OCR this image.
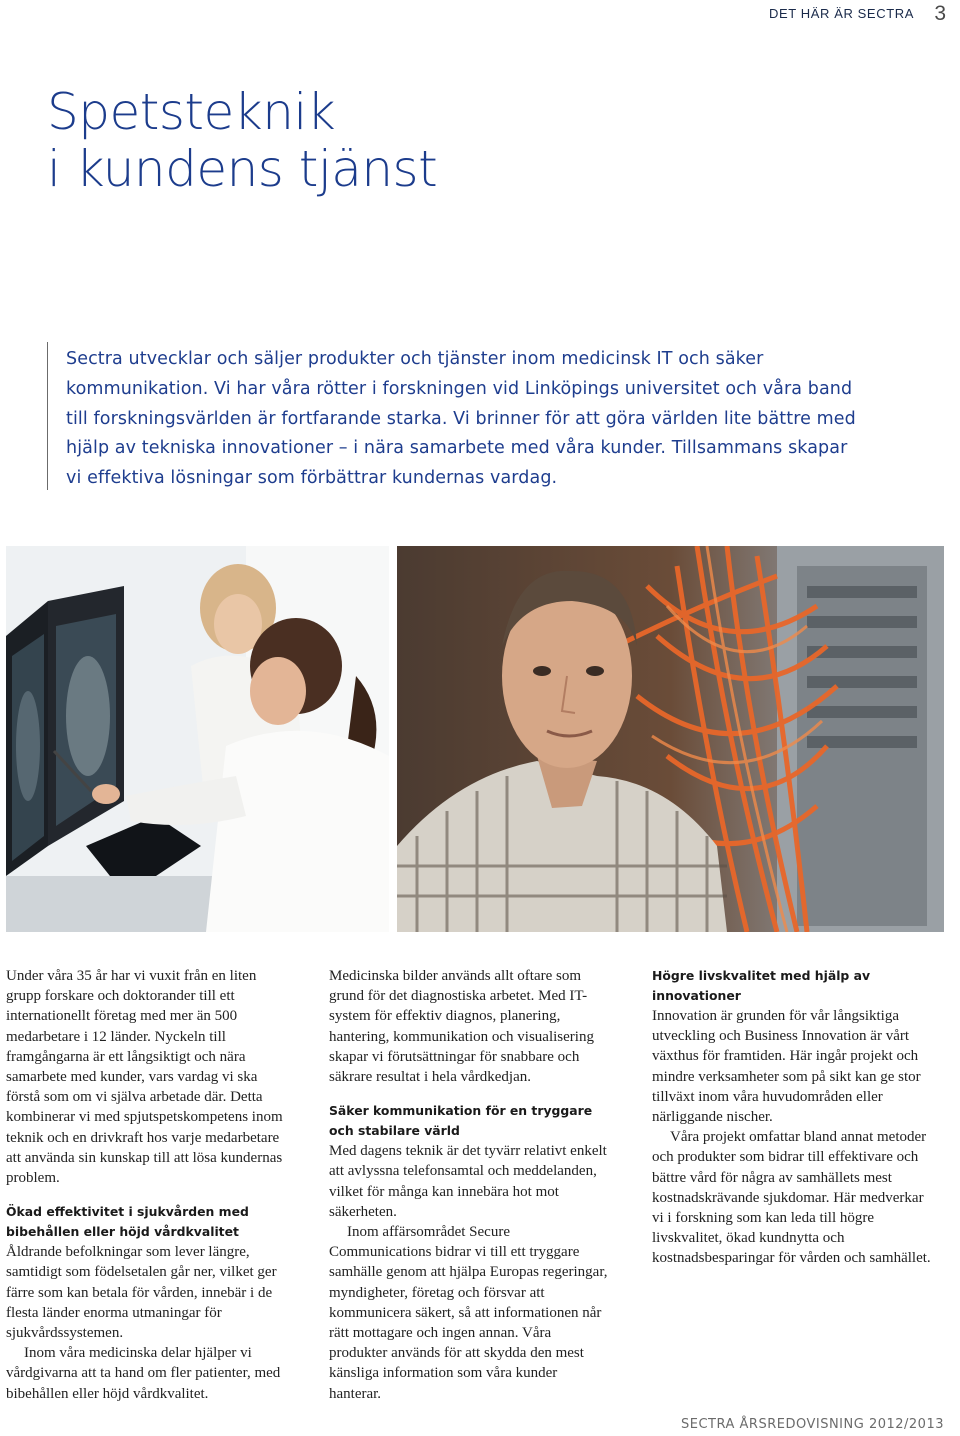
DET HÄR ÄR SECTRA 3
Spetsteknik
i kundens tjänst

Sectra utvecklar och säljer produkter och tjänster inom medicinsk IT och säker kommunikation. Vi har våra rötter i forskningen vid Linköpings universitet och våra band till forskningsvärlden är fortfarande starka. Vi brinner för att göra världen lite bättre med hjälp av tekniska innovationer – i nära samarbete med våra kunder. Tillsammans skapar vi effektiva lösningar som förbättrar kundernas vardag.

Under våra 35 år har vi vuxit från en liten grupp forskare och doktorander till ett internationellt företag med mer än 500 medarbetare i 12 länder. Nyckeln till framgångarna är ett långsiktigt och nära samarbete med kunder, vars vardag vi ska förstå som om vi själva arbetade där. Detta kombinerar vi med spjutspetskompetens inom teknik och en drivkraft hos varje medarbetare att använda sin kunskap till att lösa kundernas problem.

Ökad effektivitet i sjukvården med bibehållen eller höjd vårdkvalitet

Åldrande befolkningar som lever längre, samtidigt som födelsetalen går ner, vilket ger färre som kan betala för vården, innebär i de flesta länder enorma utmaningar för sjukvårdssystemen.

Inom våra medicinska delar hjälper vi vårdgivarna att ta hand om fler patienter, med bibehållen eller höjd vårdkvalitet.

Medicinska bilder används allt oftare som grund för det diagnostiska arbetet. Med IT-system för effektiv diagnos, planering, hantering, kommunikation och visualisering skapar vi förutsättningar för snabbare och säkrare resultat i hela vårdkedjan.

Säker kommunikation för en tryggare och stabilare värld

Med dagens teknik är det tyvärr relativt enkelt att avlyssna telefonsamtal och meddelanden, vilket för många kan innebära hot mot säkerheten.

Inom affärsområdet Secure Communications bidrar vi till ett tryggare samhälle genom att hjälpa Europas regeringar, myndigheter, företag och försvar att kommunicera säkert, så att informationen når rätt mottagare och ingen annan. Våra produkter används för att skydda den mest känsliga information som våra kunder hanterar.

Högre livskvalitet med hjälp av innovationer

Innovation är grunden för vår långsiktiga utveckling och Business Innovation är vårt växthus för framtiden. Här ingår projekt och mindre verksamheter som på sikt kan ge stor tillväxt inom våra huvudområden eller närliggande nischer.

Våra projekt omfattar bland annat metoder och produkter som bidrar till effektivare och bättre vård för några av samhällets mest kostnadskrävande sjukdomar. Här medverkar vi i forskning som kan leda till högre livskvalitet, ökad kundnytta och kostnadsbesparingar för vården och samhället.

SECTRA ÅRSREDOVISNING 2012/2013
